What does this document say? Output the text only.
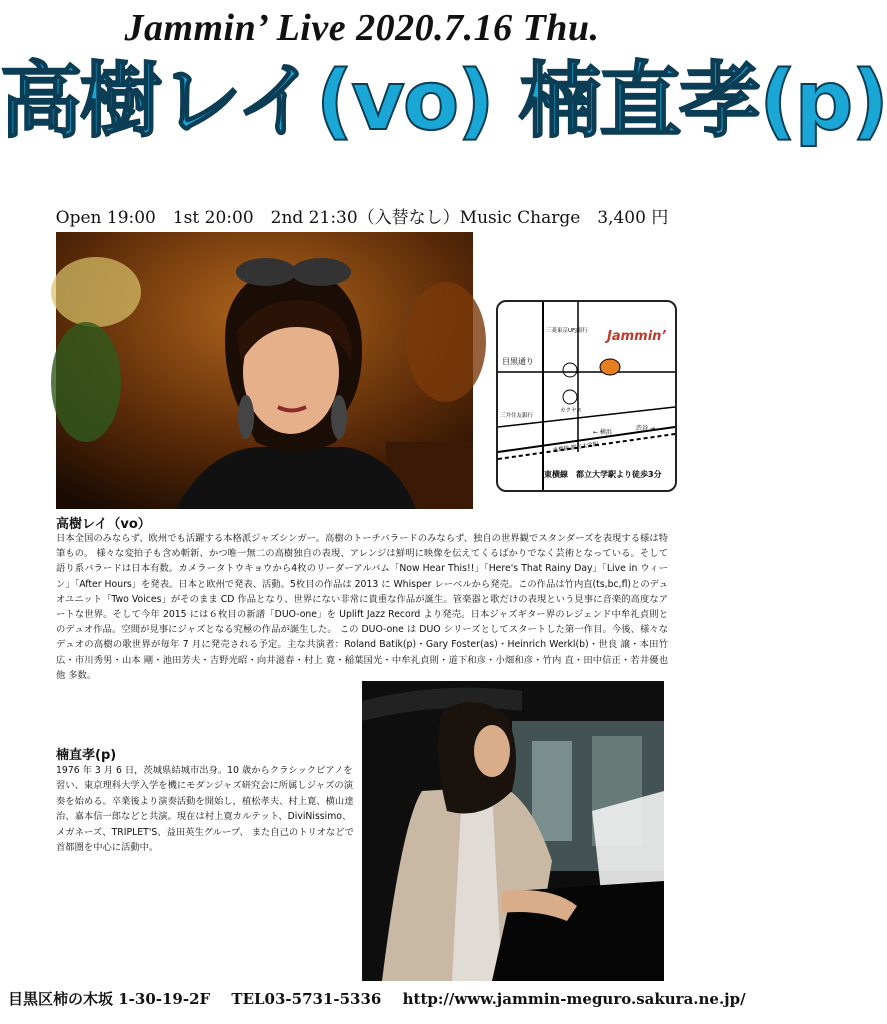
Jammin’ Live 2020.7.16 Thu.
高樹レイ(vo) 楠直孝(p)
Open 19:00　1st 20:00　2nd 21:30（入替なし）Music Charge　3,400 円
Jammin’
目黒通り
三菱東京UFJ銀行
三井住友銀行
カクヤス
← 横浜
渋谷 →
東横線 都立大学駅
東横線　都立大学駅より徒歩3分
高樹レイ（vo）
日本全国のみならず、欧州でも活躍する本格派ジャズシンガー。高樹のトーチバラードのみならず、独自の世界観でスタンダーズを表現する様は特筆もの。 様々な変拍子も含め斬新、かつ唯一無二の高樹独自の表現、アレンジは鮮明に映像を伝えてくるばかりでなく芸術となっている。そして語り系バラードは日本有数。カメラータトウキョウから4枚のリーダーアルバム「Now Hear This!!」「Here's That Rainy Day」「Live in ウィーン」「After Hours」を発表。日本と欧州で発表、活動。5枚目の作品は 2013 に Whisper レーベルから発売。この作品は竹内直(ts,bc,fl)とのデュオユニット「Two Voices」がそのまま CD 作品となり、世界にない非常に貴重な作品が誕生。管楽器と歌だけの表現という見事に音楽的高度なアートな世界。そして今年 2015 には６枚目の新譜「DUO-one」を Uplift Jazz Record より発売。日本ジャズギター界のレジェンド中牟礼貞則とのデュオ作品。空間が見事にジャズとなる究極の作品が誕生した。 この DUO-one は DUO シリーズとしてスタートした第一作目。今後、様々なデュオの高樹の歌世界が毎年 7 月に発売される予定。主な共演者：Roland Batik(p)・Gary Foster(as)・Heinrich Werkl(b)・世良 譲・本田竹広・市川秀男・山本 剛・池田芳夫・吉野光昭・向井滋春・村上 寛・稲葉国光・中牟礼貞則・道下和彦・小畑和彦・竹内 直・田中信正・若井優也 他 多数。
楠直孝(p)
1976 年 3 月 6 日，茨城県結城市出身。10 歳からクラシックピアノを習い、東京理科大学入学を機にモダンジャズ研究会に所属しジャズの演奏を始める。卒業後より演奏活動を開始し，植松孝夫、村上寛、横山達治、嘉本信一郎などと共演。現在は村上寛カルテット、DiviNissimo、メガネーズ、TRIPLET'S、益田英生グループ、 また自己のトリオなどで首都圏を中心に活動中。
目黒区柿の木坂 1-30-19-2F TEL03-5731-5336 http://www.jammin-meguro.sakura.ne.jp/
